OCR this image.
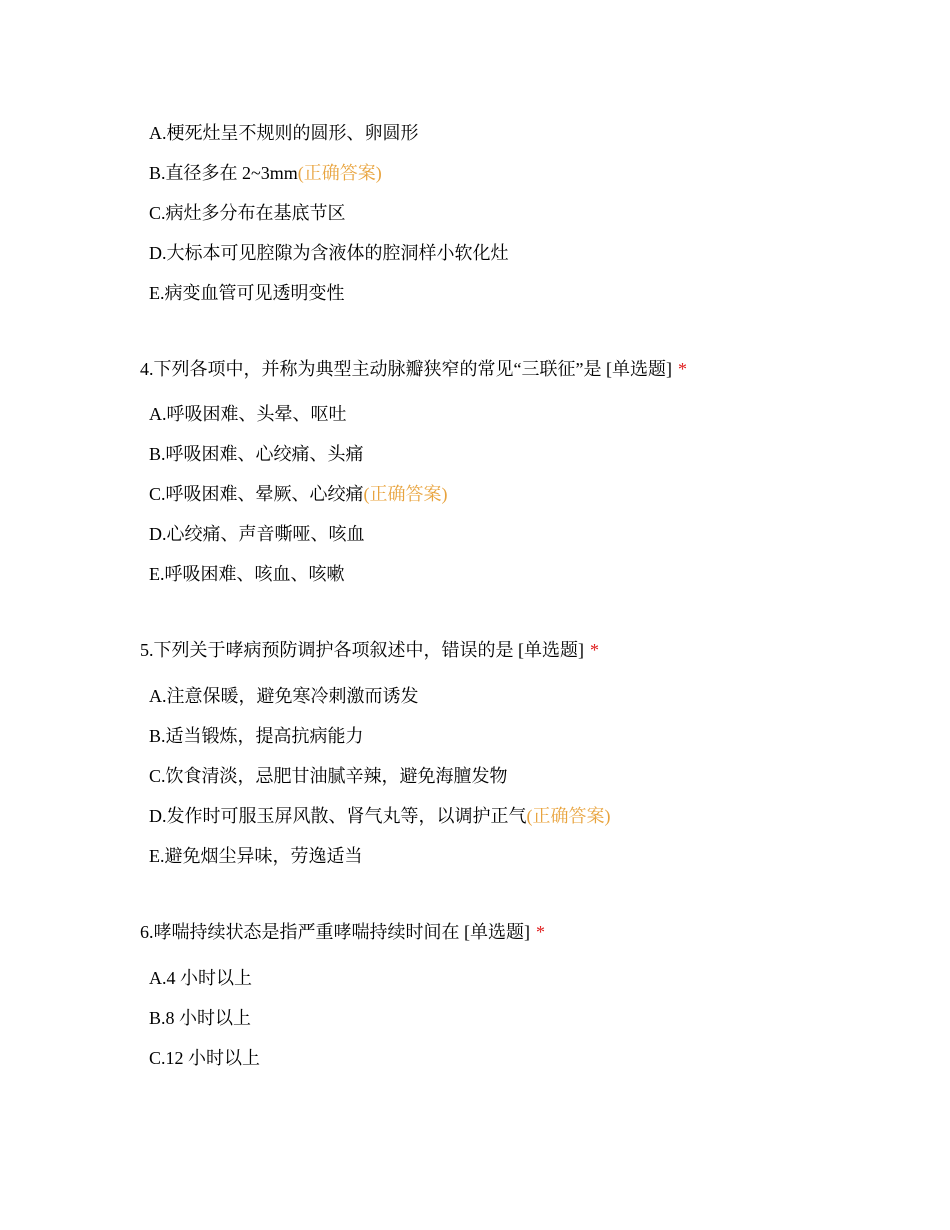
A.梗死灶呈不规则的圆形、卵圆形
B.直径多在 2~3mm(正确答案)
C.病灶多分布在基底节区
D.大标本可见腔隙为含液体的腔洞样小软化灶
E.病变血管可见透明变性
4.下列各项中，并称为典型主动脉瓣狭窄的常见“三联征”是 [单选题] *
A.呼吸困难、头晕、呕吐
B.呼吸困难、心绞痛、头痛
C.呼吸困难、晕厥、心绞痛(正确答案)
D.心绞痛、声音嘶哑、咳血
E.呼吸困难、咳血、咳嗽
5.下列关于哮病预防调护各项叙述中，错误的是 [单选题] *
A.注意保暖，避免寒冷刺激而诱发
B.适当锻炼，提高抗病能力
C.饮食清淡，忌肥甘油腻辛辣，避免海膻发物
D.发作时可服玉屏风散、肾气丸等，以调护正气(正确答案)
E.避免烟尘异味，劳逸适当
6.哮喘持续状态是指严重哮喘持续时间在 [单选题] *
A.4 小时以上
B.8 小时以上
C.12 小时以上
